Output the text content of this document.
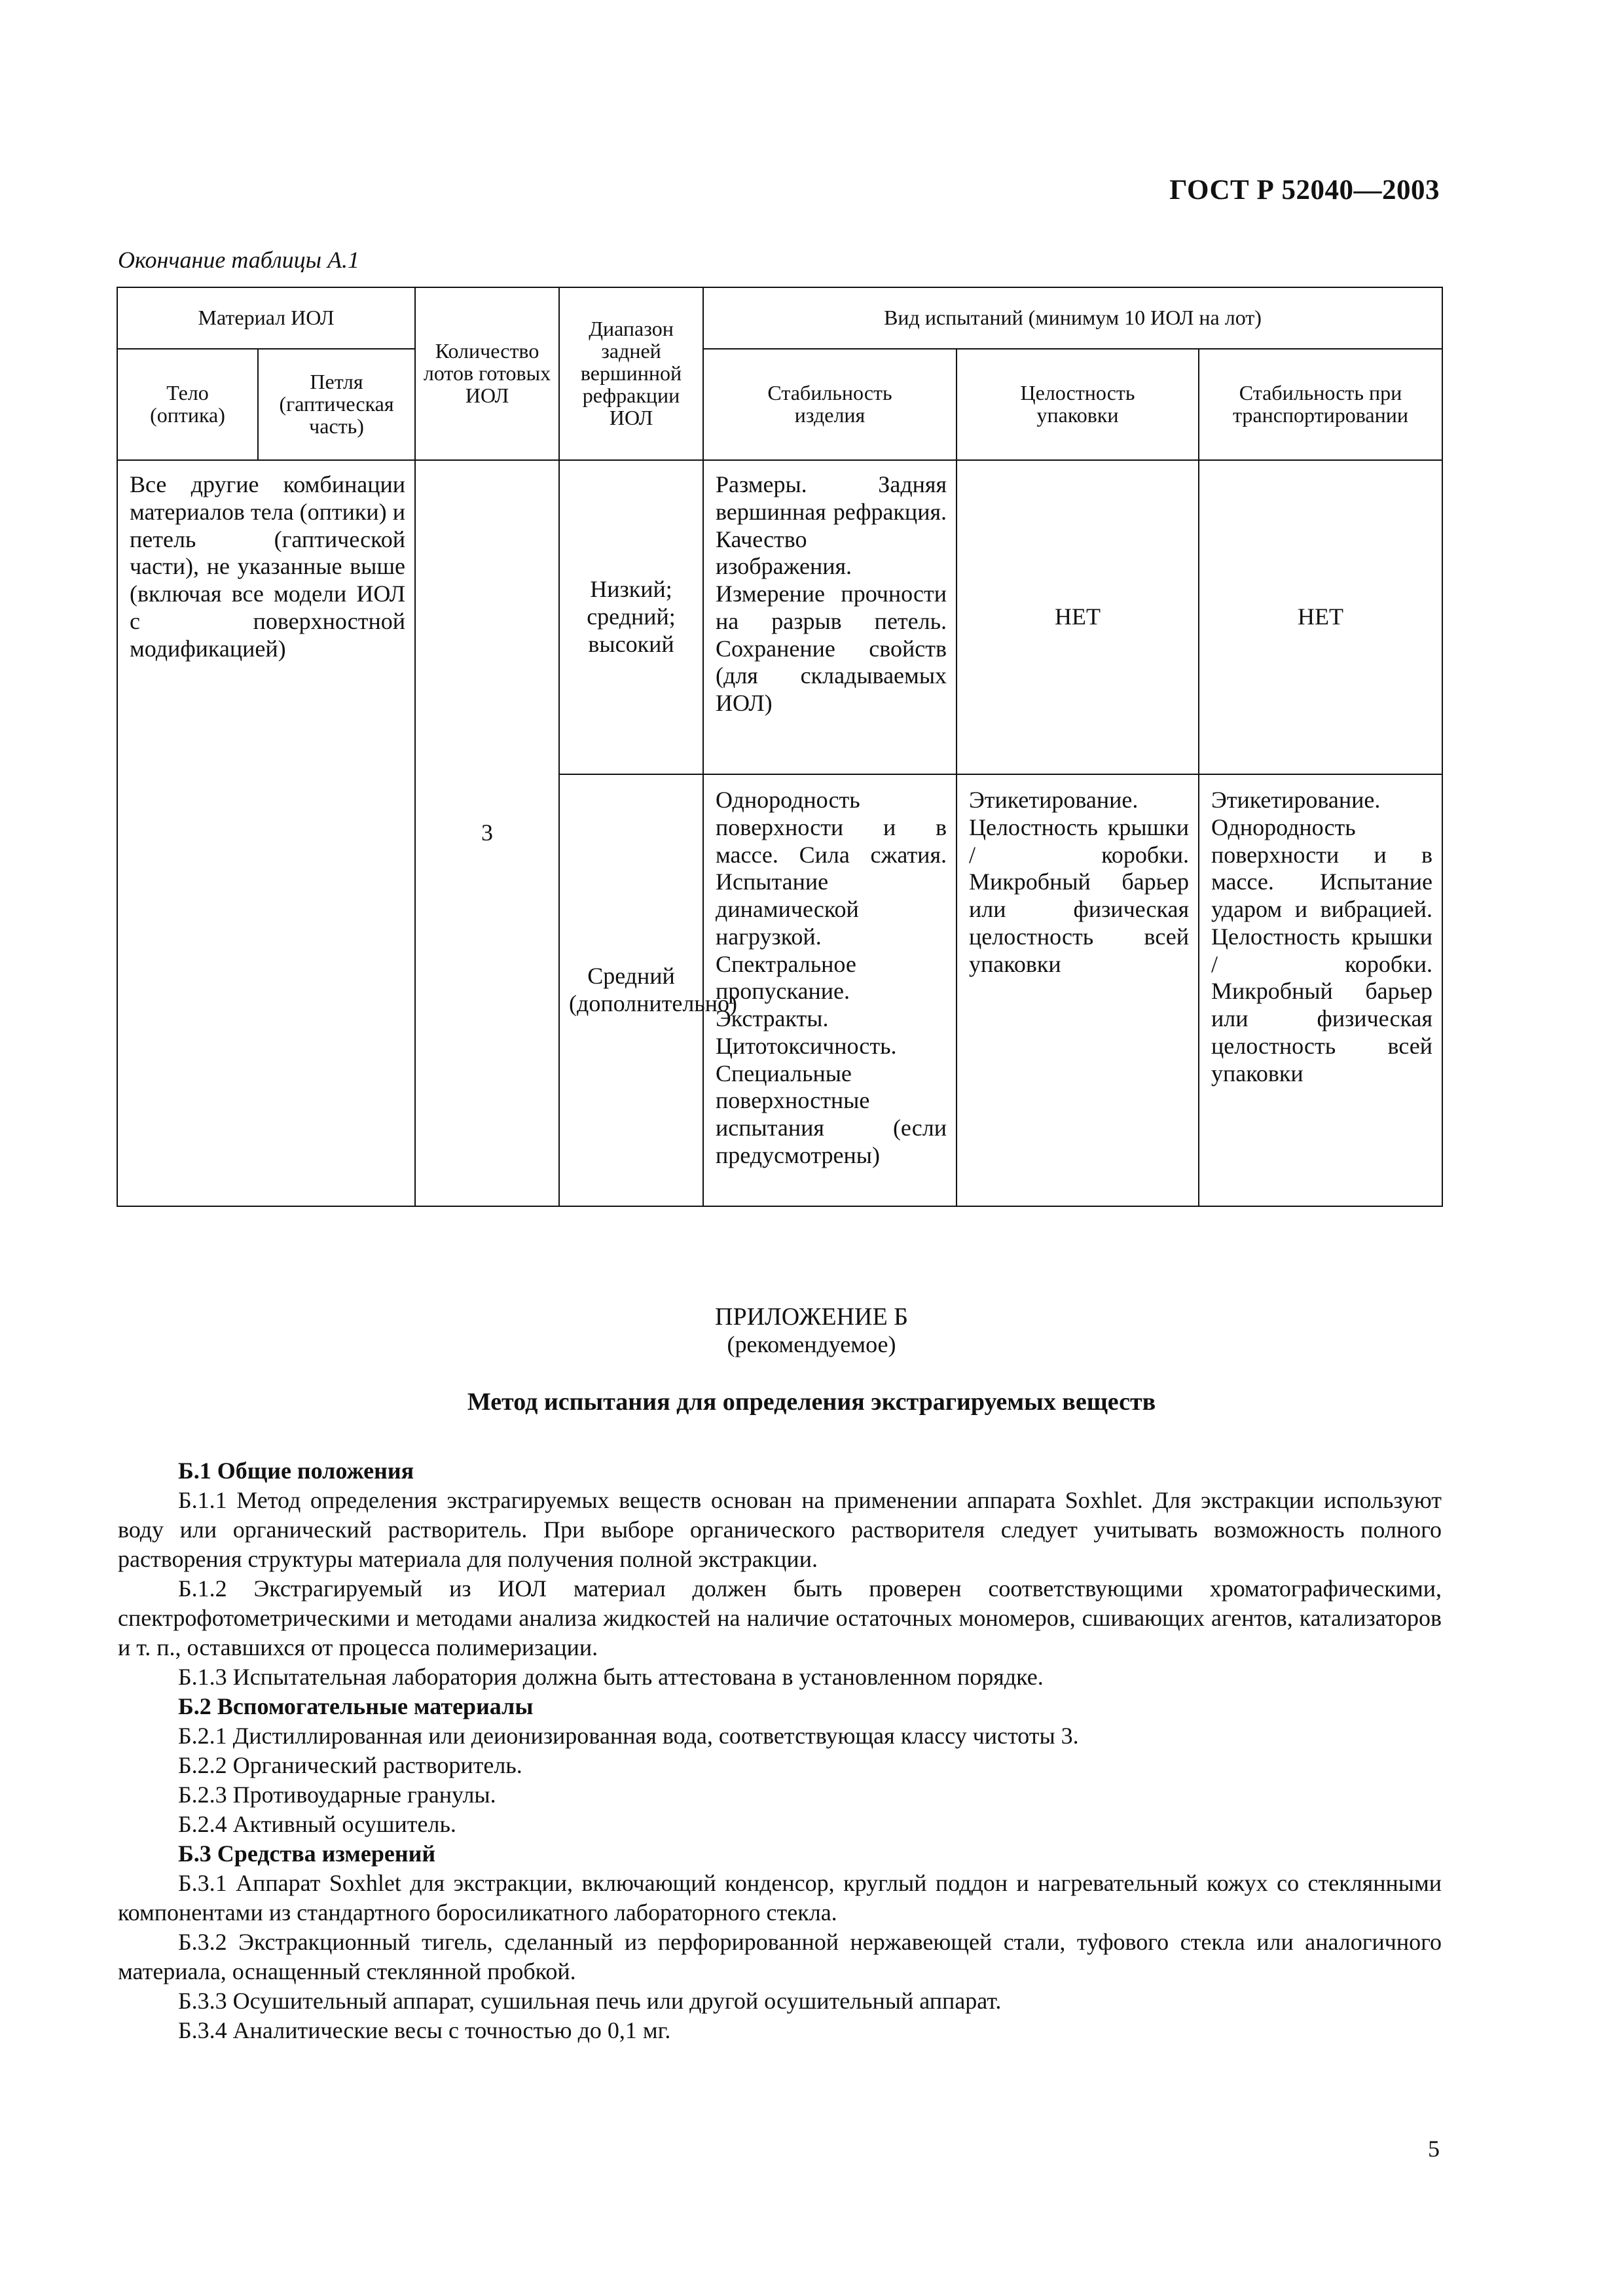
ГОСТ Р 52040—2003
Окончание таблицы А.1
Материал ИОЛ		Количество лотов готовых ИОЛ	Диапазон задней вершинной рефракции ИОЛ	Вид испытаний (минимум 10 ИОЛ на лот)		
Тело (оптика)	Петля (гаптическая часть)			Стабильность изделия	Целостность упаковки	Стабильность при транспортировании

Все другие комбинации материалов тела (оптики) и петель (гаптической части), не указанные выше (включая все модели ИОЛ с поверхностной модификацией)		3	Низкий; средний; высокий	Размеры. Задняя вершинная рефракция. Качество изображения. Измерение прочности на разрыв петель. Сохранение свойств (для складываемых ИОЛ)	НЕТ	НЕТ

			Средний (дополнительно)	Однородность поверхности и в массе. Сила сжатия. Испытание динамической нагрузкой. Спектральное пропускание. Экстракты. Цитотоксичность. Специальные поверхностные испытания (если предусмотрены)	Этикетирование. Целостность крышки / коробки. Микробный барьер или физическая целостность всей упаковки	Этикетирование. Однородность поверхности и в массе. Испытание ударом и вибрацией. Целостность крышки / коробки. Микробный барьер или физическая целостность всей упаковки
ПРИЛОЖЕНИЕ Б
(рекомендуемое)
Метод испытания для определения экстрагируемых веществ

Б.1 Общие положения

Б.1.1 Метод определения экстрагируемых веществ основан на применении аппарата Soxhlet. Для экстракции используют воду или органический растворитель. При выборе органического растворителя следует учитывать возможность полного растворения структуры материала для получения полной экстракции.

Б.1.2 Экстрагируемый из ИОЛ материал должен быть проверен соответствующими хроматографическими, спектрофотометрическими и методами анализа жидкостей на наличие остаточных мономеров, сшивающих агентов, катализаторов и т. п., оставшихся от процесса полимеризации.

Б.1.3 Испытательная лаборатория должна быть аттестована в установленном порядке.

Б.2 Вспомогательные материалы

Б.2.1 Дистиллированная или деионизированная вода, соответствующая классу чистоты 3.

Б.2.2 Органический растворитель.

Б.2.3 Противоударные гранулы.

Б.2.4 Активный осушитель.

Б.3 Средства измерений

Б.3.1 Аппарат Soxhlet для экстракции, включающий конденсор, круглый поддон и нагревательный кожух со стеклянными компонентами из стандартного боросиликатного лабораторного стекла.

Б.3.2 Экстракционный тигель, сделанный из перфорированной нержавеющей стали, туфового стекла или аналогичного материала, оснащенный стеклянной пробкой.

Б.3.3 Осушительный аппарат, сушильная печь или другой осушительный аппарат.

Б.3.4 Аналитические весы с точностью до 0,1 мг.

5
